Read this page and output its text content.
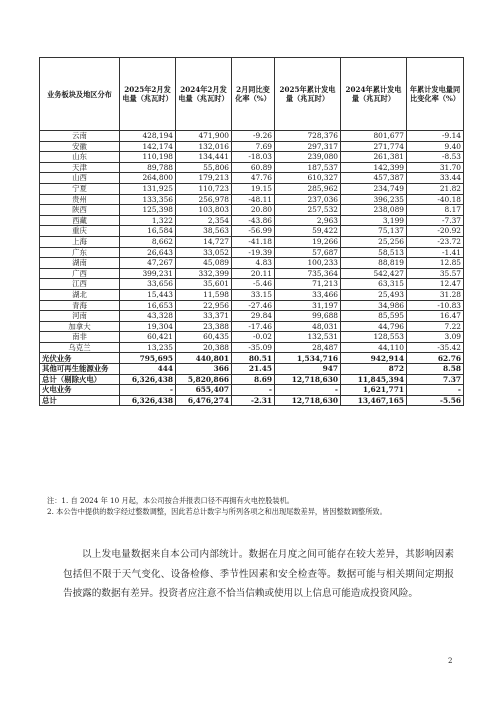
业务板块及地区分布	2025年2月发电量（兆瓦时）	2024年2月发电量（兆瓦时）	2月同比变化率（%）	2025年累计发电量（兆瓦时）	2024年累计发电量（兆瓦时）	年累计发电量同比变化率（%）
云南	428,194	471,900	-9.26	728,376	801,677	-9.14
安徽	142,174	132,016	7.69	297,317	271,774	9.40
山东	110,198	134,441	-18.03	239,080	261,381	-8.53
天津	89,788	55,806	60.89	187,537	142,399	31.70
山西	264,800	179,213	47.76	610,327	457,387	33.44
宁夏	131,925	110,723	19.15	285,962	234,749	21.82
贵州	133,356	256,978	-48.11	237,036	396,235	-40.18
陕西	125,398	103,803	20.80	257,532	238,089	8.17
西藏	1,322	2,354	-43.86	2,963	3,199	-7.37
重庆	16,584	38,563	-56.99	59,422	75,137	-20.92
上海	8,662	14,727	-41.18	19,266	25,256	-23.72
广东	26,643	33,052	-19.39	57,687	58,513	-1.41
湖南	47,267	45,089	4.83	100,233	88,819	12.85
广西	399,231	332,399	20.11	735,364	542,427	35.57
江西	33,656	35,601	-5.46	71,213	63,315	12.47
湖北	15,443	11,598	33.15	33,466	25,493	31.28
青海	16,653	22,956	-27.46	31,197	34,986	-10.83
河南	43,328	33,371	29.84	99,688	85,595	16.47
加拿大	19,304	23,388	-17.46	48,031	44,796	7.22
南非	60,421	60,435	-0.02	132,531	128,553	3.09
乌克兰	13,235	20,388	-35.09	28,487	44,110	-35.42
光伏业务	795,695	440,801	80.51	1,534,716	942,914	62.76
其他可再生能源业务	444	366	21.45	947	872	8.58
总计（剔除火电）	6,326,438	5,820,866	8.69	12,718,630	11,845,394	7.37
火电业务	-	655,407	-	-	1,621,771	-
总计	6,326,438	6,476,274	-2.31	12,718,630	13,467,165	-5.56
注：1. 自 2024 年 10 月起，本公司按合并报表口径不再拥有火电控股装机。
2. 本公告中提供的数字经过整数调整，因此若总计数字与所列各项之和出现尾数差异，皆因整数调整所致。
以上发电量数据来自本公司内部统计。数据在月度之间可能存在较大差异，其影响因素包括但不限于天气变化、设备检修、季节性因素和安全检查等。数据可能与相关期间定期报告披露的数据有差异。投资者应注意不恰当信赖或使用以上信息可能造成投资风险。
2
